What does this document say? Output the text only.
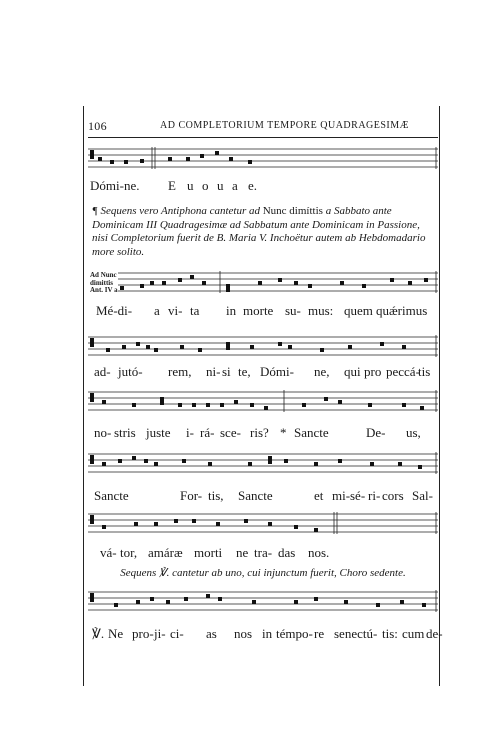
106	AD COMPLETORIUM TEMPORE QUADRAGESIMÆ
Dómi-ne. E u o u a e.
¶ Sequens vero Antiphona cantetur ad Nunc dimíttis a Sabbato ante Dominicam III Quadragesimæ ad Sabbatum ante Dominicam in Passione, nisi Completorium fuerit de B. Maria V. Inchoëtur autem ab Hebdomadario more solito.
Ad Nunc
dimittis
Ant. IV a
Mé-di- a vi- ta in morte su- mus: quem quǽrimus
ad- jutó- rem, ni- si te, Dómi- ne, qui pro peccá-
tis
no- stris juste i- rá- sce- ris? * Sancte	De- us,
Sancte	For- tis, Sancte	et mi- sé- ri- cors Sal-
vá- tor, amáræ morti ne tra- das nos.
Sequens ℣. cantetur ab uno, cui injunctum fuerit, Choro sedente.
℣. Ne pro- ji- ci- as nos in témpo- re senectú- tis: cum de-
